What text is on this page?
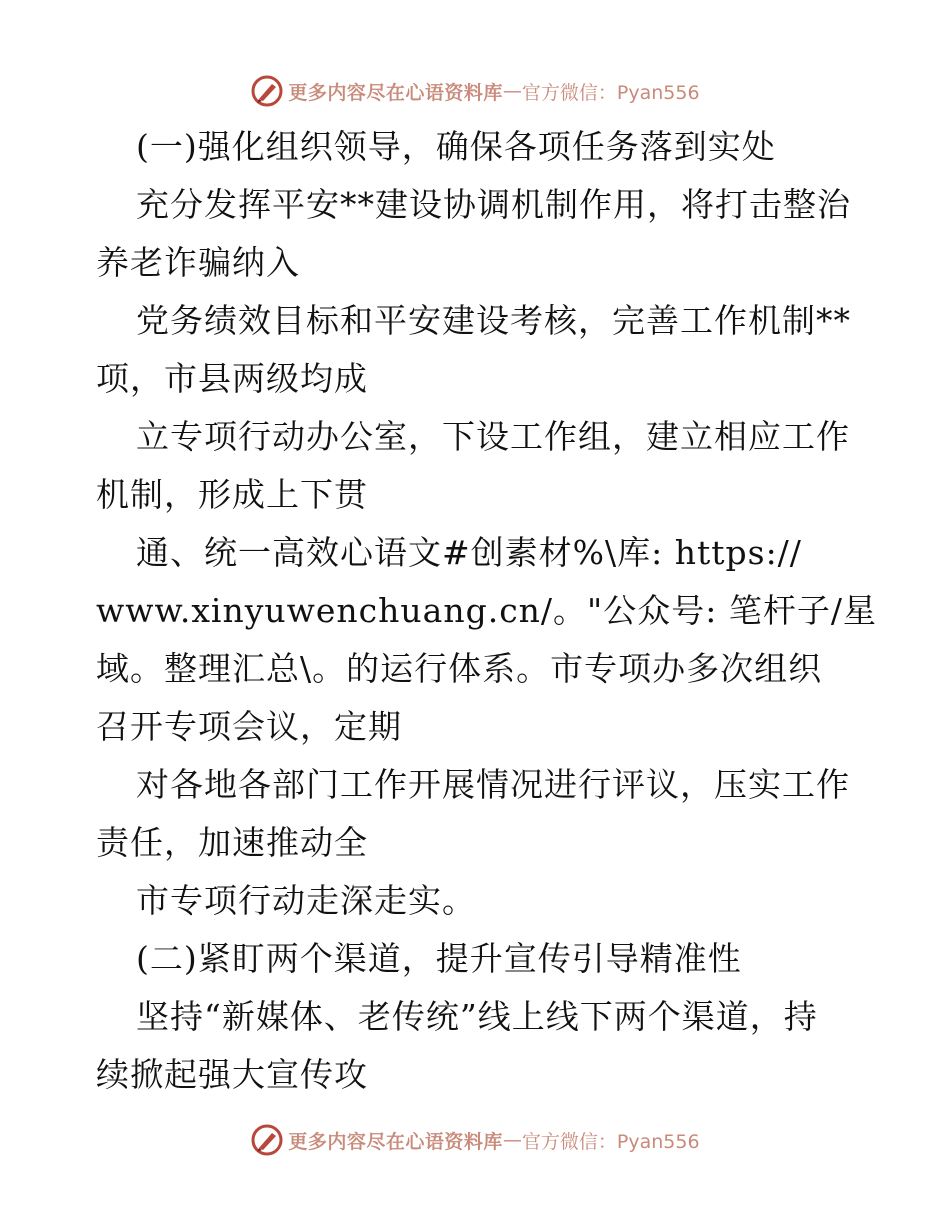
更多内容尽在心语资料库 — 官方微信：Pyan556
(一)强化组织领导，确保各项任务落到实处
充分发挥平安**建设协调机制作用，将打击整治
养老诈骗纳入
党务绩效目标和平安建设考核，完善工作机制**
项，市县两级均成
立专项行动办公室，下设工作组，建立相应工作
机制，形成上下贯
通、统一高效心语文#创素材%\库: https://
www.xinyuwenchuang.cn/。"公众号: 笔杆子/星
域。整理汇总\。的运行体系。市专项办多次组织
召开专项会议，定期
对各地各部门工作开展情况进行评议，压实工作
责任，加速推动全
市专项行动走深走实。
(二)紧盯两个渠道，提升宣传引导精准性
坚持“新媒体、老传统”线上线下两个渠道，持
续掀起强大宣传攻
更多内容尽在心语资料库 — 官方微信：Pyan556
